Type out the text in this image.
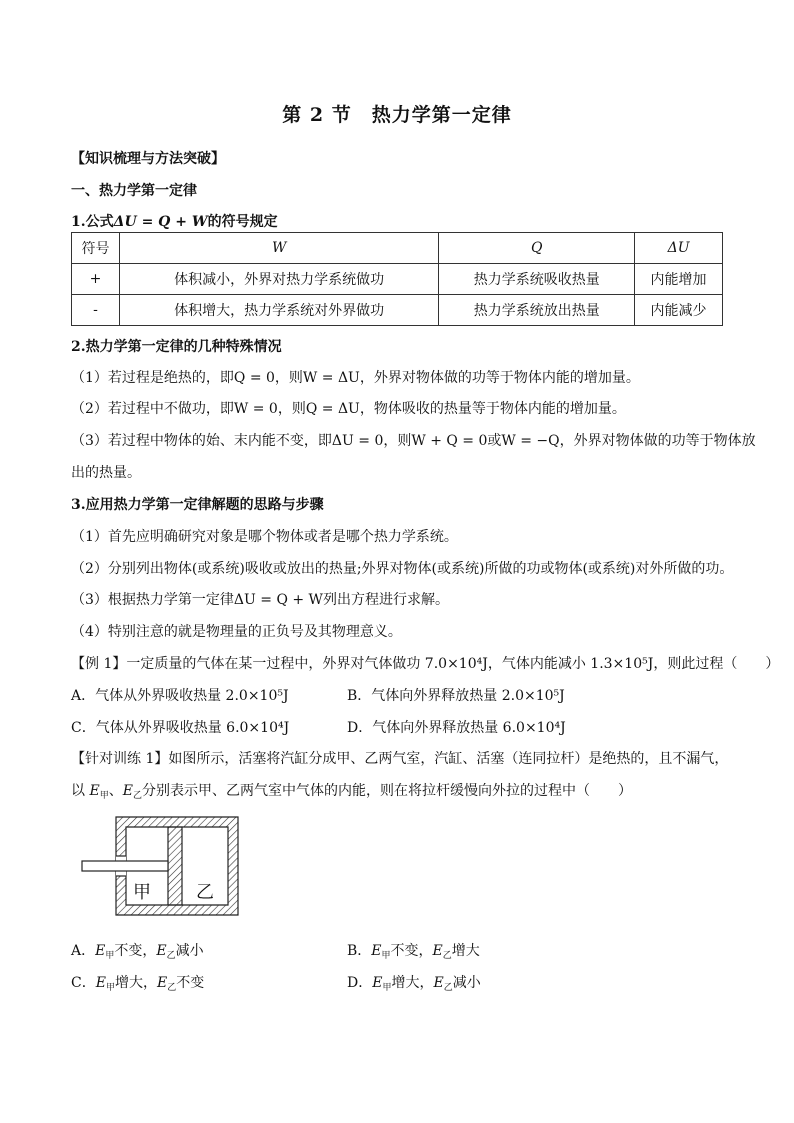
第 2 节　热力学第一定律
【知识梳理与方法突破】
一、热力学第一定律
1.公式ΔU = Q + W的符号规定
符号	W	Q	ΔU
+	体积减小，外界对热力学系统做功	热力学系统吸收热量	内能增加
-	体积增大，热力学系统对外界做功	热力学系统放出热量	内能减少
2.热力学第一定律的几种特殊情况
（1）若过程是绝热的，即Q = 0，则W = ΔU，外界对物体做的功等于物体内能的增加量。
（2）若过程中不做功，即W = 0，则Q = ΔU，物体吸收的热量等于物体内能的增加量。
（3）若过程中物体的始、末内能不变，即ΔU = 0，则W + Q = 0或W = −Q，外界对物体做的功等于物体放
出的热量。
3.应用热力学第一定律解题的思路与步骤
（1）首先应明确研究对象是哪个物体或者是哪个热力学系统。
（2）分别列出物体(或系统)吸收或放出的热量;外界对物体(或系统)所做的功或物体(或系统)对外所做的功。
（3）根据热力学第一定律ΔU = Q + W列出方程进行求解。
（4）特别注意的就是物理量的正负号及其物理意义。
【例 1】一定质量的气体在某一过程中，外界对气体做功 7.0×10⁴J，气体内能减小 1.3×10⁵J，则此过程（　　）
A．气体从外界吸收热量 2.0×10⁵J	B．气体向外界释放热量 2.0×10⁵J
C．气体从外界吸收热量 6.0×10⁴J	D．气体向外界释放热量 6.0×10⁴J
【针对训练 1】如图所示，活塞将汽缸分成甲、乙两气室，汽缸、活塞（连同拉杆）是绝热的，且不漏气，
以 $E_甲$、$E_乙$分别表示甲、乙两气室中气体的内能，则在将拉杆缓慢向外拉的过程中（　　）
甲	乙
A．$E_甲$不变，$E_乙$减小	B．$E_甲$不变，$E_乙$增大
C．$E_甲$增大，$E_乙$不变	D．$E_甲$增大，$E_乙$减小
